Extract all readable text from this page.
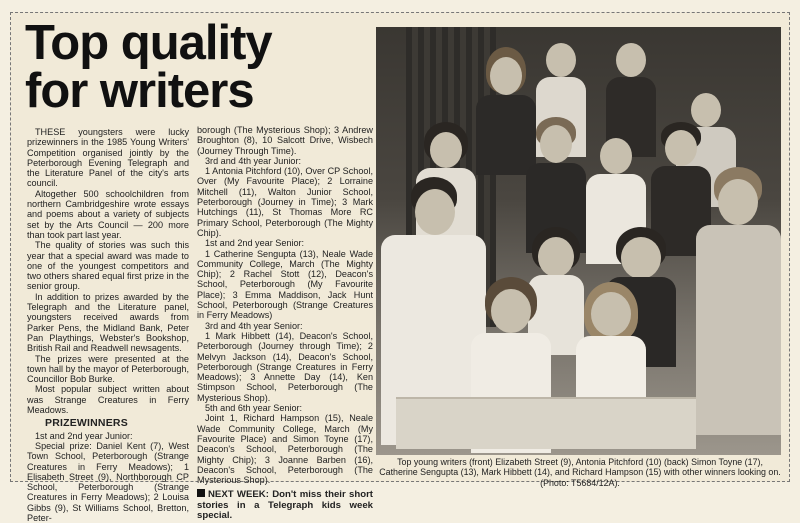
Top quality
for writers

THESE youngsters were lucky prizewinners in the 1985 Young Writers' Competition organised jointly by the Peterborough Evening Telegraph and the Literature Panel of the city's arts council.

Altogether 500 schoolchildren from northern Cambridgeshire wrote essays and poems about a variety of subjects set by the Arts Council — 200 more than took part last year.

The quality of stories was such this year that a special award was made to one of the youngest competitors and two others shared equal first prize in the senior group.

In addition to prizes awarded by the Telegraph and the Literature panel, youngsters received awards from Parker Pens, the Midland Bank, Peter Pan Playthings, Webster's Bookshop, British Rail and Readwell newsagents.

The prizes were presented at the town hall by the mayor of Peterborough, Councillor Bob Burke.

Most popular subject written about was Strange Creatures in Ferry Meadows.

PRIZEWINNERS

1st and 2nd year Junior:

Special prize: Daniel Kent (7), West Town School, Peterborough (Strange Creatures in Ferry Meadows); 1 Elisabeth Street (9), Northborough CP School, Peterborough (Strange Creatures in Ferry Meadows); 2 Louisa Gibbs (9), St Williams School, Bretton, Peter-

borough (The Mysterious Shop); 3 Andrew Broughton (8), 10 Salcott Drive, Wisbech (Journey Through Time).

3rd and 4th year Junior:

1 Antonia Pitchford (10), Over CP School, Over (My Favourite Place); 2 Lorraine Mitchell (11), Walton Junior School, Peterborough (Journey in Time); 3 Mark Hutchings (11), St Thomas More RC Primary School, Peterborough (The Mighty Chip).

1st and 2nd year Senior:

1 Catherine Sengupta (13), Neale Wade Community College, March (The Mighty Chip); 2 Rachel Stott (12), Deacon's School, Peterborough (My Favourite Place); 3 Emma Maddison, Jack Hunt School, Peterborough (Strange Creatures in Ferry Meadows)

3rd and 4th year Senior:

1 Mark Hibbett (14), Deacon's School, Peterborough (Journey through Time); 2 Melvyn Jackson (14), Deacon's School, Peterborough (Strange Creatures in Ferry Meadows); 3 Annette Day (14), Ken Stimpson School, Peterborough (The Mysterious Shop).

5th and 6th year Senior:

Joint 1, Richard Hampson (15), Neale Wade Community College, March (My Favourite Place) and Simon Toyne (17), Deacon's School, Peterborough (The Mighty Chip); 3 Joanne Barben (16), Deacon's School, Peterborough (The Mysterious Shop).

NEXT WEEK: Don't miss their short stories in a Telegraph kids week special.
Top young writers (front) Elizabeth Street (9), Antonia Pitchford (10) (back) Simon Toyne (17), Catherine Sengupta (13), Mark Hibbett (14), and Richard Hampson (15) with other winners looking on. (Photo: T5684/12A).
